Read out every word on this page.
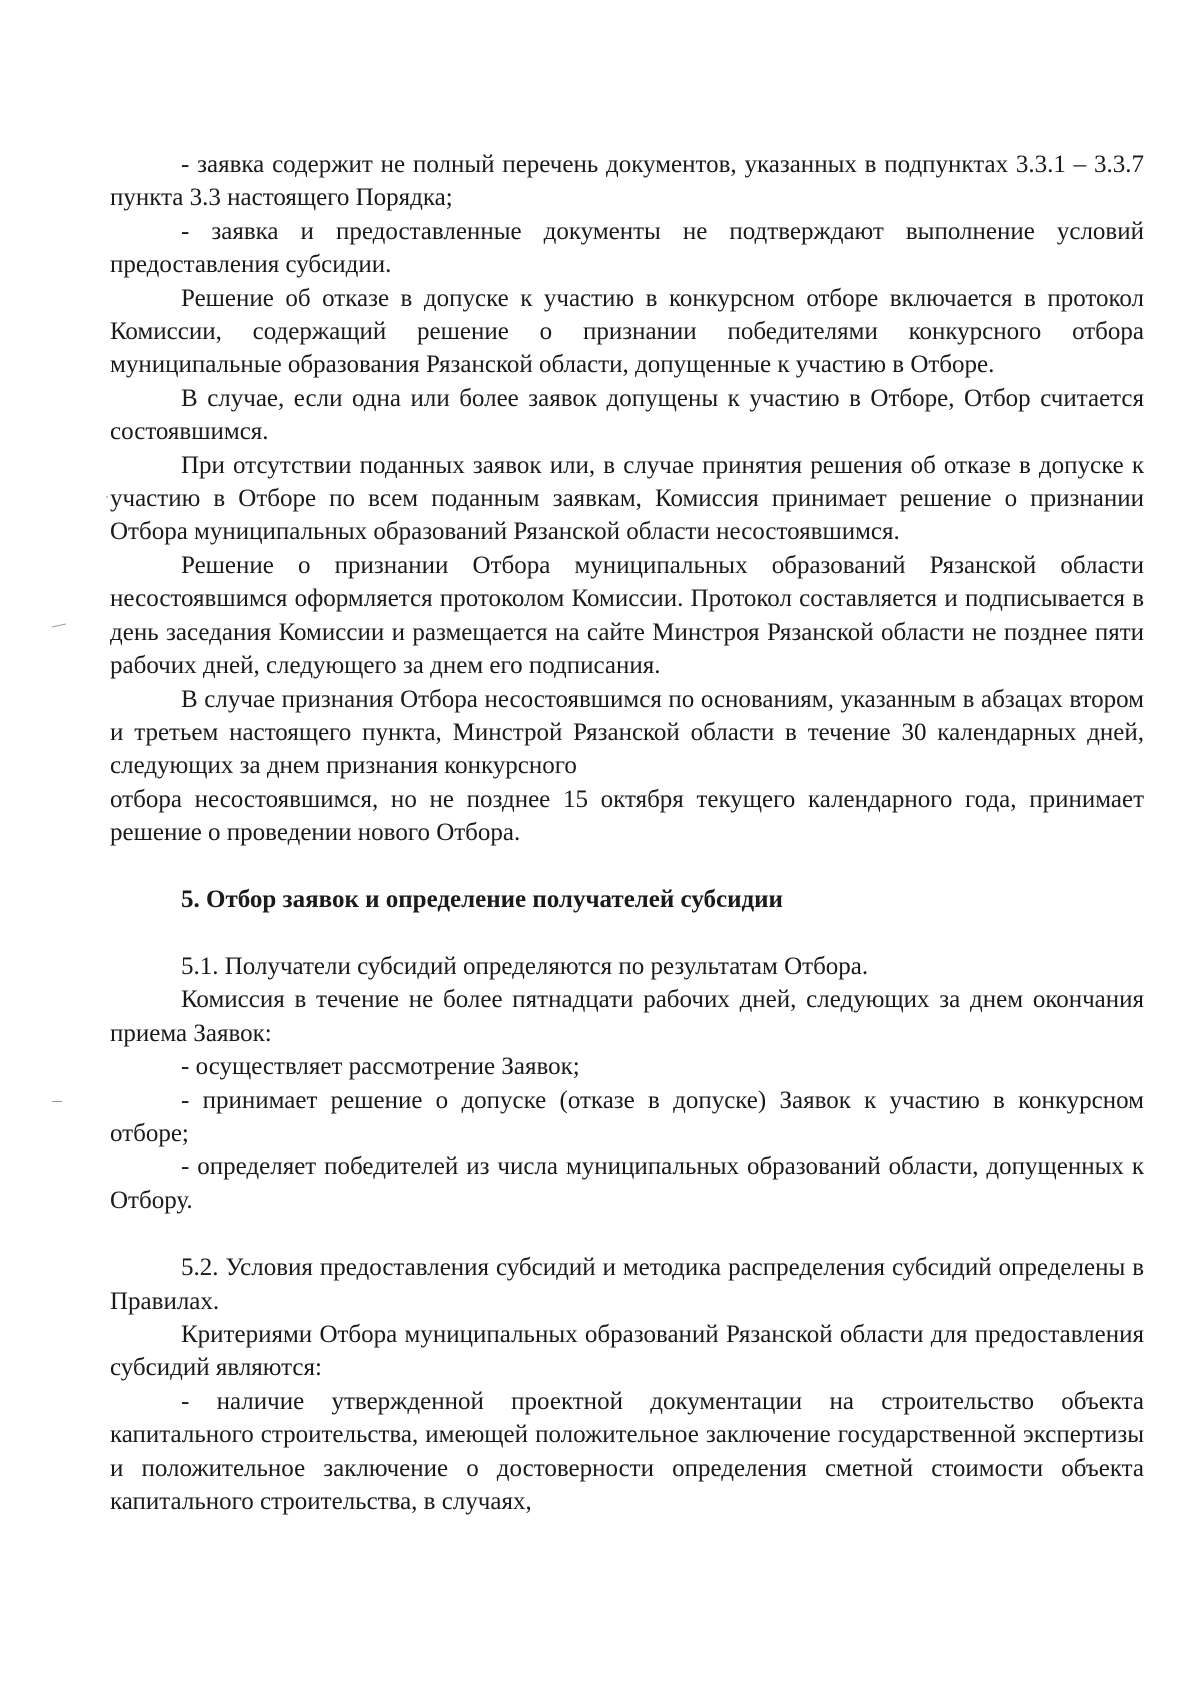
- заявка содержит не полный перечень документов, указанных в подпунктах 3.3.1 – 3.3.7 пункта 3.3 настоящего Порядка;

- заявка и предоставленные документы не подтверждают выполнение условий предоставления субсидии.

Решение об отказе в допуске к участию в конкурсном отборе включается в протокол Комиссии, содержащий решение о признании победителями конкурсного отбора муниципальные образования Рязанской области, допущенные к участию в Отборе.

В случае, если одна или более заявок допущены к участию в Отборе, Отбор считается состоявшимся.

При отсутствии поданных заявок или, в случае принятия решения об отказе в допуске к участию в Отборе по всем поданным заявкам, Комиссия принимает решение о признании Отбора муниципальных образований Рязанской области несостоявшимся.

Решение о признании Отбора муниципальных образований Рязанской области несостоявшимся оформляется протоколом Комиссии. Протокол составляется и подписывается в день заседания Комиссии и размещается на сайте Минстроя Рязанской области не позднее пяти рабочих дней, следующего за днем его подписания.

В случае признания Отбора несостоявшимся по основаниям, указанным в абзацах втором и третьем настоящего пункта, Минстрой Рязанской области в течение 30 календарных дней, следующих за днем признания конкурсного

отбора несостоявшимся, но не позднее 15 октября текущего календарного года, принимает решение о проведении нового Отбора.

5. Отбор заявок и определение получателей субсидии

5.1. Получатели субсидий определяются по результатам Отбора.

Комиссия в течение не более пятнадцати рабочих дней, следующих за днем окончания приема Заявок:

- осуществляет рассмотрение Заявок;

- принимает решение о допуске (отказе в допуске) Заявок к участию в конкурсном отборе;

- определяет победителей из числа муниципальных образований области, допущенных к Отбору.

5.2. Условия предоставления субсидий и методика распределения субсидий определены в Правилах.

Критериями Отбора муниципальных образований Рязанской области для предоставления субсидий являются:

- наличие утвержденной проектной документации на строительство объекта капитального строительства, имеющей положительное заключение государственной экспертизы и положительное заключение о достоверности определения сметной стоимости объекта капитального строительства, в случаях,
